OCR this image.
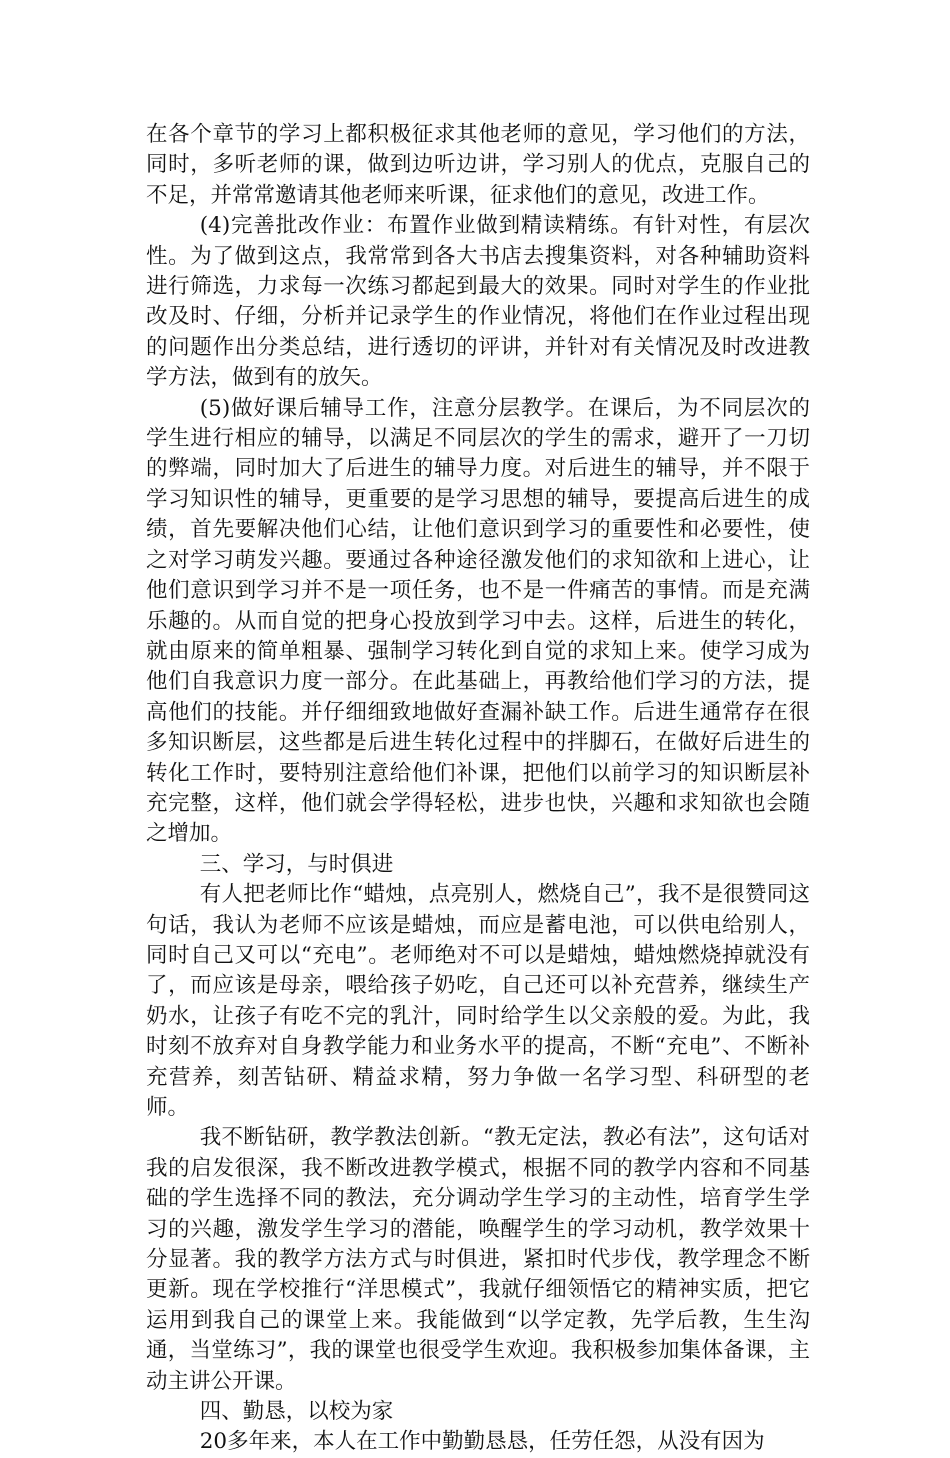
在各个章节的学习上都积极征求其他老师的意见，学习他们的方法，同时，多听老师的课，做到边听边讲，学习别人的优点，克服自己的不足，并常常邀请其他老师来听课，征求他们的意见，改进工作。

(4)完善批改作业：布置作业做到精读精练。有针对性，有层次性。为了做到这点，我常常到各大书店去搜集资料，对各种辅助资料进行筛选，力求每一次练习都起到最大的效果。同时对学生的作业批改及时、仔细，分析并记录学生的作业情况，将他们在作业过程出现的问题作出分类总结，进行透切的评讲，并针对有关情况及时改进教学方法，做到有的放矢。

(5)做好课后辅导工作，注意分层教学。在课后，为不同层次的学生进行相应的辅导，以满足不同层次的学生的需求，避开了一刀切的弊端，同时加大了后进生的辅导力度。对后进生的辅导，并不限于学习知识性的辅导，更重要的是学习思想的辅导，要提高后进生的成绩，首先要解决他们心结，让他们意识到学习的重要性和必要性，使之对学习萌发兴趣。要通过各种途径激发他们的求知欲和上进心，让他们意识到学习并不是一项任务，也不是一件痛苦的事情。而是充满乐趣的。从而自觉的把身心投放到学习中去。这样，后进生的转化，就由原来的简单粗暴、强制学习转化到自觉的求知上来。使学习成为他们自我意识力度一部分。在此基础上，再教给他们学习的方法，提高他们的技能。并仔细细致地做好查漏补缺工作。后进生通常存在很多知识断层，这些都是后进生转化过程中的拌脚石，在做好后进生的转化工作时，要特别注意给他们补课，把他们以前学习的知识断层补充完整，这样，他们就会学得轻松，进步也快，兴趣和求知欲也会随之增加。

三、学习，与时俱进

有人把老师比作“蜡烛，点亮别人，燃烧自己”，我不是很赞同这句话，我认为老师不应该是蜡烛，而应是蓄电池，可以供电给别人，同时自己又可以“充电”。老师绝对不可以是蜡烛，蜡烛燃烧掉就没有了，而应该是母亲，喂给孩子奶吃，自己还可以补充营养，继续生产奶水，让孩子有吃不完的乳汁，同时给学生以父亲般的爱。为此，我时刻不放弃对自身教学能力和业务水平的提高，不断“充电”、不断补充营养，刻苦钻研、精益求精，努力争做一名学习型、科研型的老师。

我不断钻研，教学教法创新。“教无定法，教必有法”，这句话对我的启发很深，我不断改进教学模式，根据不同的教学内容和不同基础的学生选择不同的教法，充分调动学生学习的主动性，培育学生学习的兴趣，激发学生学习的潜能，唤醒学生的学习动机，教学效果十分显著。我的教学方法方式与时俱进，紧扣时代步伐，教学理念不断更新。现在学校推行“洋思模式”，我就仔细领悟它的精神实质，把它运用到我自己的课堂上来。我能做到“以学定教，先学后教，生生沟通，当堂练习”，我的课堂也很受学生欢迎。我积极参加集体备课，主动主讲公开课。

四、勤恳，以校为家

20多年来，本人在工作中勤勤恳恳，任劳任怨，从没有因为
